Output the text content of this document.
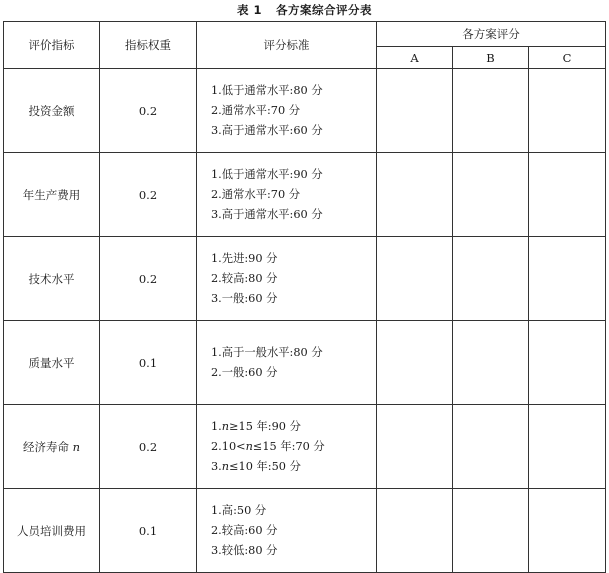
表 1 各方案综合评分表
评价指标	指标权重	评分标准	各方案评分		
			A	B	C
投资金额	0.2	1.低于通常水平:80 分
2.通常水平:70 分
3.高于通常水平:60 分			

年生产费用	0.2	1.低于通常水平:90 分
2.通常水平:70 分
3.高于通常水平:60 分			

技术水平	0.2	1.先进:90 分
2.较高:80 分
3.一般:60 分			

质量水平	0.1	1.高于一般水平:80 分
2.一般:60 分			

经济寿命 n	0.2	1.n≥15 年:90 分
2.10<n≤15 年:70 分
3.n≤10 年:50 分			

人员培训费用	0.1	1.高:50 分
2.较高:60 分
3.较低:80 分			
